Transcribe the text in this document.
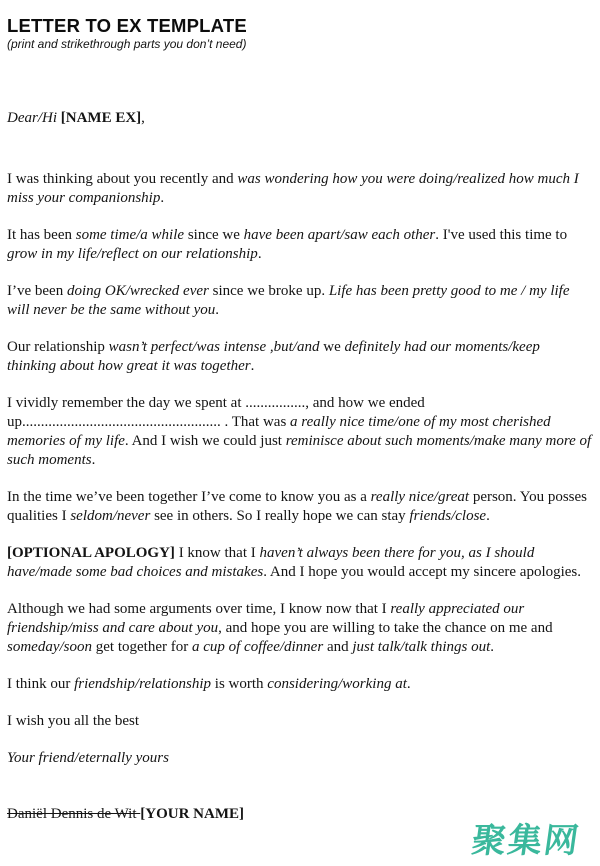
LETTER TO EX TEMPLATE

(print and strikethrough parts you don’t need)

Dear/Hi [NAME EX],

I was thinking about you recently and was wondering how you were doing/realized how much I miss your companionship.

It has been some time/a while since we have been apart/saw each other. I've used this time to grow in my life/reflect on our relationship.

I’ve been doing OK/wrecked ever since we broke up. Life has been pretty good to me / my life will never be the same without you.

Our relationship wasn’t perfect/was intense ,but/and we definitely had our moments/keep thinking about how great it was together.

I vividly remember the day we spent at ................, and how we ended up..................................................... . That was a really nice time/one of my most cherished memories of my life. And I wish we could just reminisce about such moments/make many more of such moments.

In the time we’ve been together I’ve come to know you as a really nice/great person. You posses qualities I seldom/never see in others. So I really hope we can stay friends/close.

[OPTIONAL APOLOGY] I know that I haven’t always been there for you, as I should have/made some bad choices and mistakes. And I hope you would accept my sincere apologies.

Although we had some arguments over time, I know now that I really appreciated our friendship/miss and care about you, and hope you are willing to take the chance on me and someday/soon get together for a cup of coffee/dinner and just talk/talk things out.

I think our friendship/relationship is worth considering/working at.

I wish you all the best

Your friend/eternally yours

Daniël Dennis de Wit [YOUR NAME]

聚集网
